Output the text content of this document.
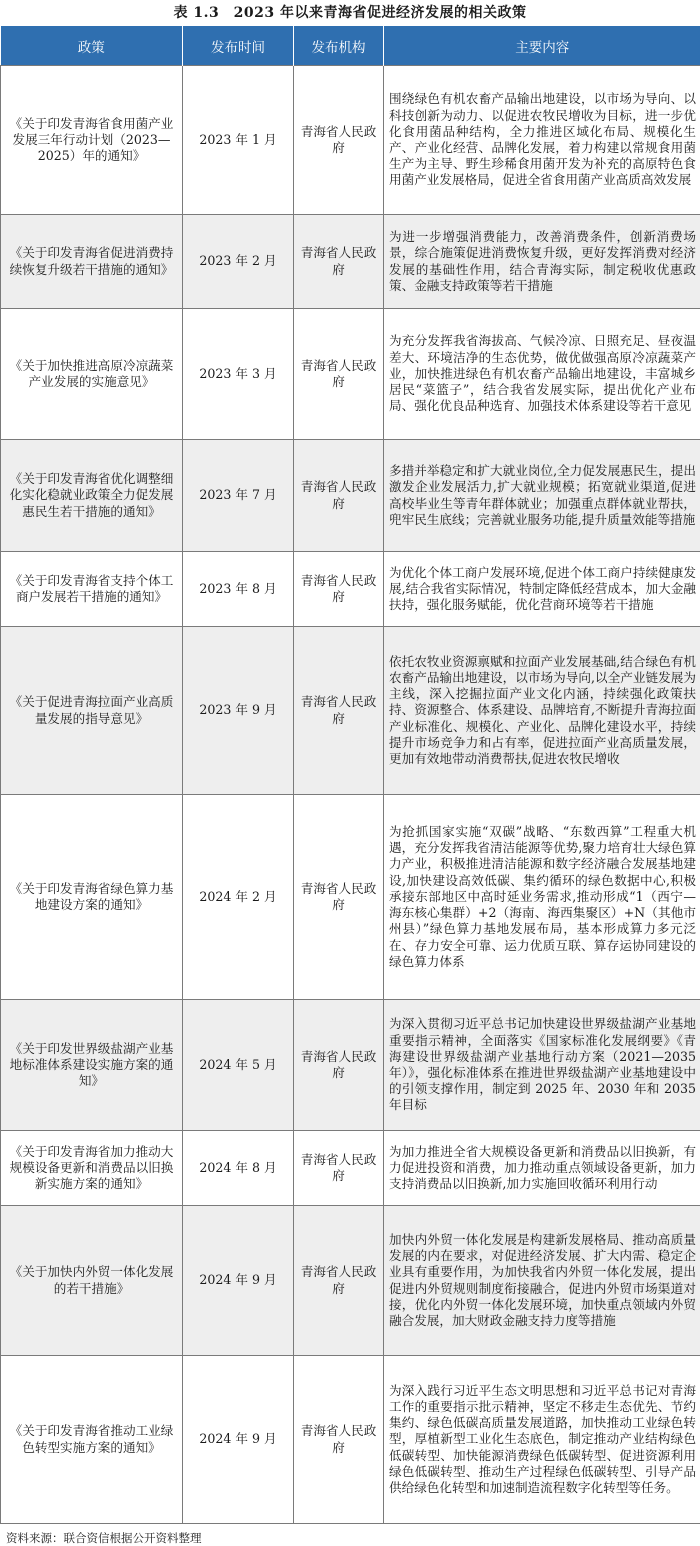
表 1.3　2023 年以来青海省促进经济发展的相关政策
政策	发布时间	发布机构	主要内容
《关于印发青海省食用菌产业发展三年行动计划（2023—2025）年的通知》	2023 年 1 月	青海省人民政府	围绕绿色有机农畜产品输出地建设，以市场为导向、以科技创新为动力、以促进农牧民增收为目标，进一步优化食用菌品种结构，全力推进区域化布局、规模化生产、产业化经营、品牌化发展，着力构建以常规食用菌生产为主导、野生珍稀食用菌开发为补充的高原特色食用菌产业发展格局，促进全省食用菌产业高质高效发展
《关于印发青海省促进消费持续恢复升级若干措施的通知》	2023 年 2 月	青海省人民政府	为进一步增强消费能力，改善消费条件，创新消费场景，综合施策促进消费恢复升级，更好发挥消费对经济发展的基础性作用，结合青海实际，制定税收优惠政策、金融支持政策等若干措施
《关于加快推进高原冷凉蔬菜产业发展的实施意见》	2023 年 3 月	青海省人民政府	为充分发挥我省海拔高、气候冷凉、日照充足、昼夜温差大、环境洁净的生态优势，做优做强高原冷凉蔬菜产业，加快推进绿色有机农畜产品输出地建设，丰富城乡居民“菜篮子”，结合我省发展实际，提出优化产业布局、强化优良品种选育、加强技术体系建设等若干意见
《关于印发青海省优化调整细化实化稳就业政策全力促发展惠民生若干措施的通知》	2023 年 7 月	青海省人民政府	多措并举稳定和扩大就业岗位,全力促发展惠民生，提出激发企业发展活力,扩大就业规模；拓宽就业渠道,促进高校毕业生等青年群体就业；加强重点群体就业帮扶，兜牢民生底线；完善就业服务功能,提升质量效能等措施
《关于印发青海省支持个体工商户发展若干措施的通知》	2023 年 8 月	青海省人民政府	为优化个体工商户发展环境,促进个体工商户持续健康发展,结合我省实际情况，特制定降低经营成本，加大金融扶持，强化服务赋能，优化营商环境等若干措施
《关于促进青海拉面产业高质量发展的指导意见》	2023 年 9 月	青海省人民政府	依托农牧业资源禀赋和拉面产业发展基础,结合绿色有机农畜产品输出地建设，以市场为导向,以全产业链发展为主线，深入挖掘拉面产业文化内涵，持续强化政策扶持、资源整合、体系建设、品牌培育,不断提升青海拉面产业标准化、规模化、产业化、品牌化建设水平，持续提升市场竞争力和占有率，促进拉面产业高质量发展，更加有效地带动消费帮扶,促进农牧民增收
《关于印发青海省绿色算力基地建设方案的通知》	2024 年 2 月	青海省人民政府	为抢抓国家实施“双碳”战略、“东数西算”工程重大机遇，充分发挥我省清洁能源等优势,聚力培育壮大绿色算力产业，积极推进清洁能源和数字经济融合发展基地建设,加快建设高效低碳、集约循环的绿色数据中心,积极承接东部地区中高时延业务需求,推动形成“1（西宁—海东核心集群）+2（海南、海西集聚区）+N（其他市州县）”绿色算力基地发展布局，基本形成算力多元泛在、存力安全可靠、运力优质互联、算存运协同建设的绿色算力体系
《关于印发世界级盐湖产业基地标准体系建设实施方案的通知》	2024 年 5 月	青海省人民政府	为深入贯彻习近平总书记加快建设世界级盐湖产业基地重要指示精神，全面落实《国家标准化发展纲要》《青海建设世界级盐湖产业基地行动方案（2021—2035 年）》，强化标准体系在推进世界级盐湖产业基地建设中的引领支撑作用，制定到 2025 年、2030 年和 2035 年目标
《关于印发青海省加力推动大规模设备更新和消费品以旧换新实施方案的通知》	2024 年 8 月	青海省人民政府	为加力推进全省大规模设备更新和消费品以旧换新，有力促进投资和消费，加力推动重点领域设备更新，加力支持消费品以旧换新,加力实施回收循环利用行动
《关于加快内外贸一体化发展的若干措施》	2024 年 9 月	青海省人民政府	加快内外贸一体化发展是构建新发展格局、推动高质量发展的内在要求，对促进经济发展、扩大内需、稳定企业具有重要作用，为加快我省内外贸一体化发展，提出促进内外贸规则制度衔接融合，促进内外贸市场渠道对接，优化内外贸一体化发展环境，加快重点领域内外贸融合发展，加大财政金融支持力度等措施
《关于印发青海省推动工业绿色转型实施方案的通知》	2024 年 9 月	青海省人民政府	为深入践行习近平生态文明思想和习近平总书记对青海工作的重要指示批示精神，坚定不移走生态优先、节约集约、绿色低碳高质量发展道路，加快推动工业绿色转型，厚植新型工业化生态底色，制定推动产业结构绿色低碳转型、加快能源消费绿色低碳转型、促进资源利用绿色低碳转型、推动生产过程绿色低碳转型、引导产品供给绿色化转型和加速制造流程数字化转型等任务。
资料来源：联合资信根据公开资料整理
